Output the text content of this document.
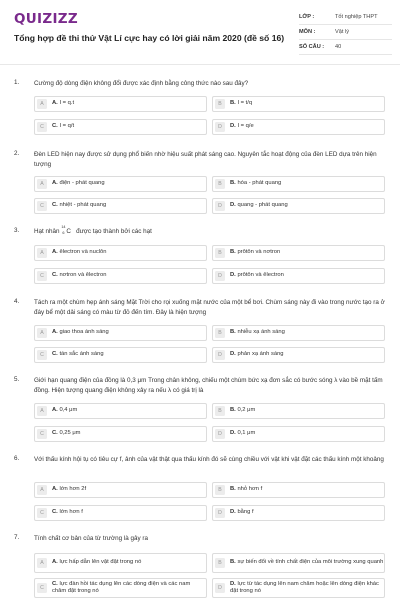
QUIZIZZ
Tổng hợp đề thi thử Vật Lí cực hay có lời giải năm 2020 (đề số 16)
LỚP :	Tốt nghiệp THPT
MÔN :	Vật lý
SỐ CÂU :	40
1. Cường độ dòng điện không đổi được xác định bằng công thức nào sau đây?
A	A. I = q.t	B	B. I = t/q
C	C. I = q/t	D	D. I = q/e
2. Đèn LED hiện nay được sử dụng phổ biến nhờ hiệu suất phát sáng cao. Nguyên tắc hoạt động của đèn LED dựa trên hiện tượng
A	A. điện - phát quang	B	B. hóa - phát quang
C	C. nhiệt - phát quang	D	D. quang - phát quang
3. Hạt nhân
14
6 C được tạo thành bởi các hạt
A	A. êlectron và nuclôn	B	B. prôtôn và nơtron
C	C. nơtron và êlectron	D	D. prôtôn và êlectron
4. Tách ra một chùm hẹp ánh sáng Mặt Trời cho rọi xuống mặt nước của một bể bơi. Chùm sáng này đi vào trong nước tạo ra ở đáy bể một dải sáng có màu từ đỏ đến tím. Đây là hiện tượng
A	A. giao thoa ánh sáng	B	B. nhiễu xạ ánh sáng
C	C. tán sắc ánh sáng	D	D. phản xạ ánh sáng
5. Giới hạn quang điện của đồng là 0,3 μm Trong chân không, chiếu một chùm bức xạ đơn sắc có bước sóng λ vào bề mặt tấm đồng. Hiện tượng quang điện không xảy ra nếu λ có giá trị là
A	A. 0,4 μm	B	B. 0,2 μm
C	C. 0,25 μm	D	D. 0,1 μm
6. Với thấu kính hội tụ có tiêu cự f, ảnh của vật thật qua thấu kính đó sẽ cùng chiều với vật khi vật đặt các thấu kính một khoảng
A	A. lớn hơn 2f	B	B. nhỏ hơn f
C	C. lớn hơn f	D	D. bằng f
7. Tính chất cơ bản của từ trường là gây ra
A	A. lực hấp dẫn lên vật đặt trong nó	B	B. sự biến đổi về tính chất điện của môi trường xung quanh
C
C. lực đàn hồi tác dụng lên các dòng điện và các nam châm đặt trong nó	D
D. lực từ tác dụng lên nam châm hoặc lên dòng điện khác đặt trong nó
